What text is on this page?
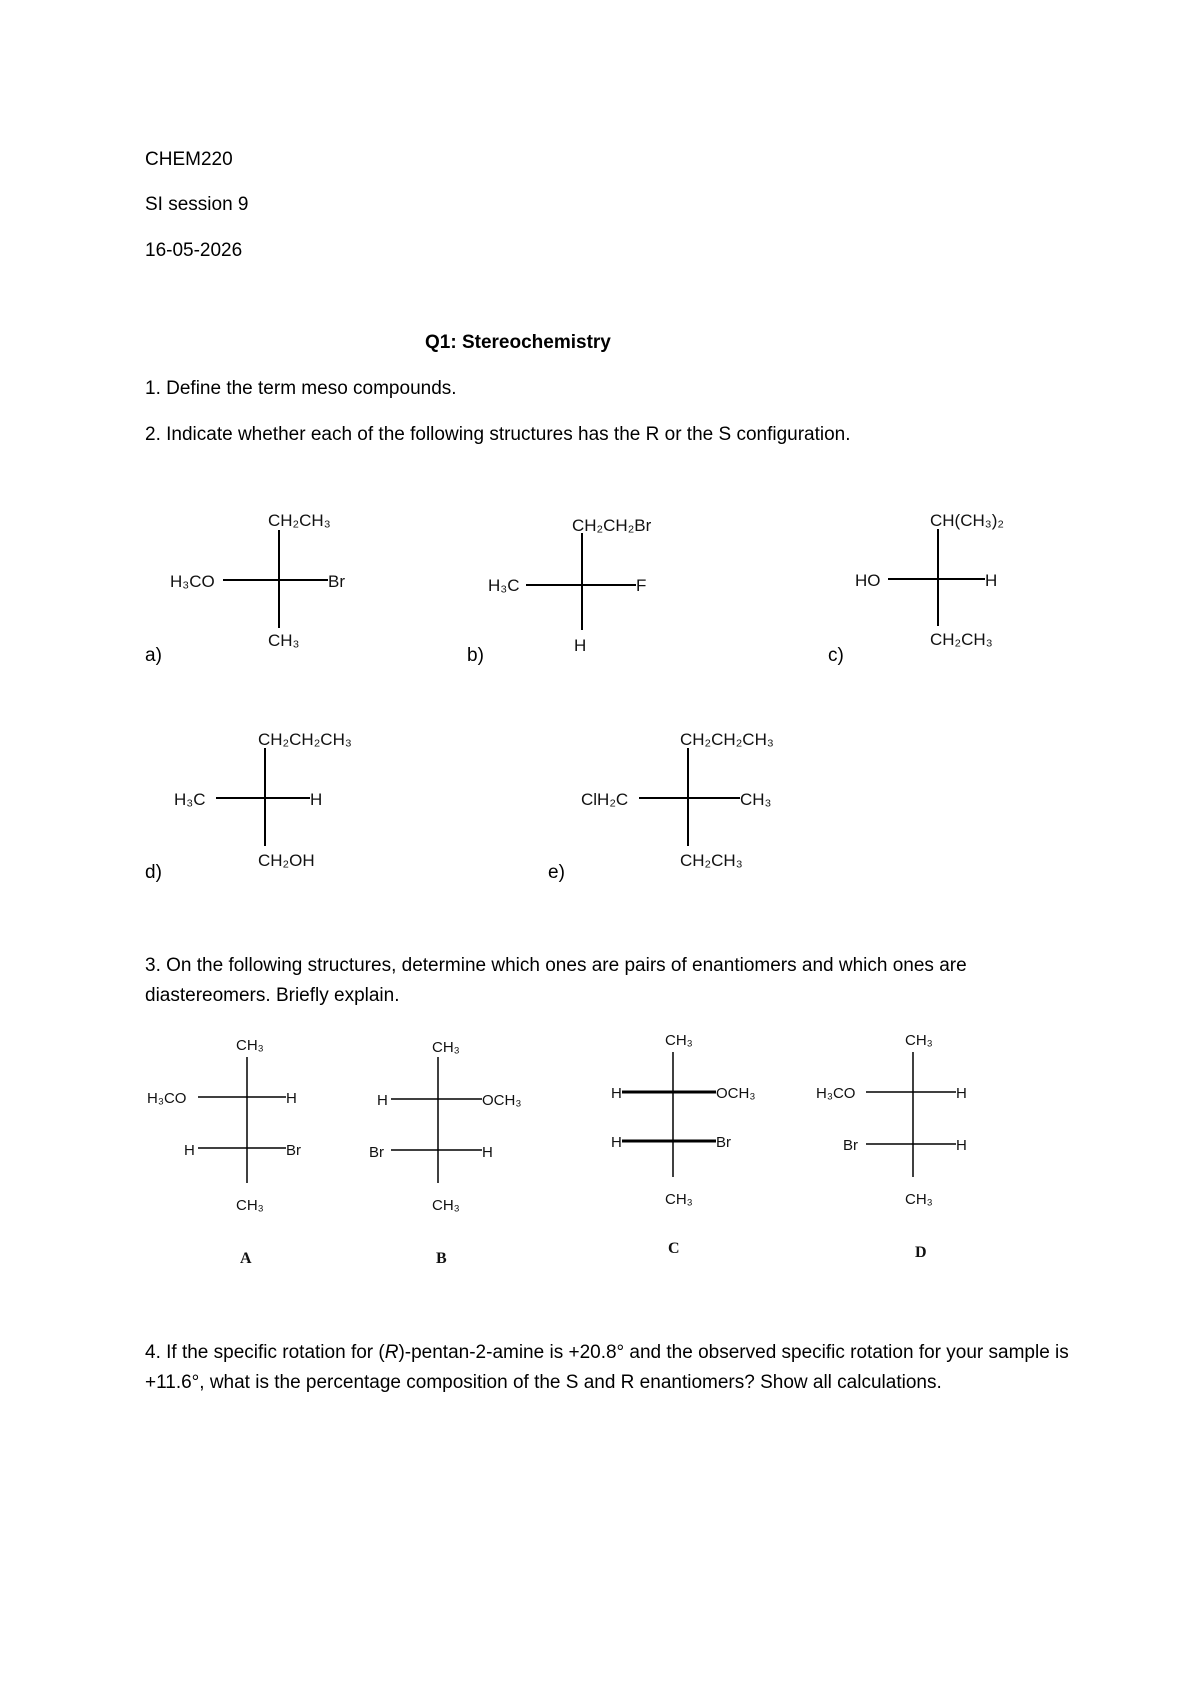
CHEM220
SI session 9
16-05-2026
Q1: Stereochemistry
1. Define the term meso compounds.
2. Indicate whether each of the following structures has the R or the S configuration.
a)	b)	c)
d)	e)
3. On the following structures, determine which ones are pairs of enantiomers and which ones are diastereomers. Briefly explain.
4. If the specific rotation for (R)-pentan-2-amine is +20.8° and the observed specific rotation for your sample is +11.6°, what is the percentage composition of the S and R enantiomers? Show all calculations.
CH₂CH₃
H₃CO	Br
CH₃
CH₂CH₂Br
H₃C	F
H
CH(CH₃)₂
HO	H
CH₂CH₃
CH₂CH₂CH₃
H₃C	H
CH₂OH
CH₂CH₂CH₃
ClH₂C	CH₃
CH₂CH₃
CH₃
H₃CO	H
H	Br
CH₃
A
CH₃
H	OCH₃
Br	H
CH₃
B
CH₃
H	OCH₃
H	Br
CH₃
C
CH₃
H₃CO	H
Br	H
CH₃
D
